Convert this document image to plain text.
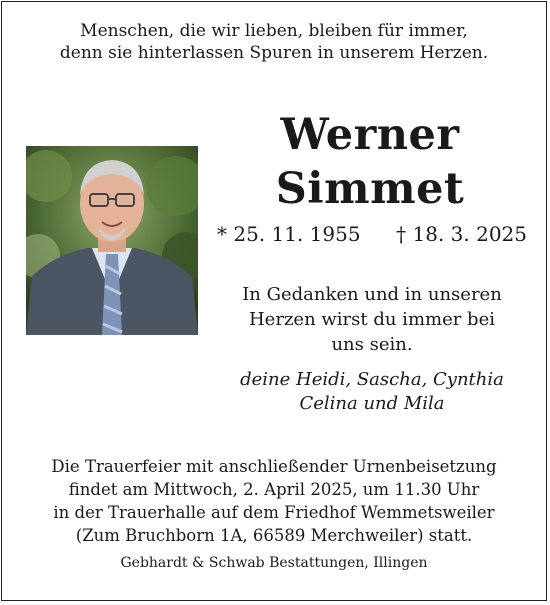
Menschen, die wir lieben, bleiben für immer,
denn sie hinterlassen Spuren in unserem Herzen.
Werner
Simmet
* 25. 11. 1955 † 18. 3. 2025
In Gedanken und in unseren
Herzen wirst du immer bei
uns sein.
deine Heidi, Sascha, Cynthia
Celina und Mila
Die Trauerfeier mit anschließender Urnenbeisetzung
findet am Mittwoch, 2. April 2025, um 11.30 Uhr
in der Trauerhalle auf dem Friedhof Wemmetsweiler
(Zum Bruchborn 1A, 66589 Merchweiler) statt.
Gebhardt & Schwab Bestattungen, Illingen
